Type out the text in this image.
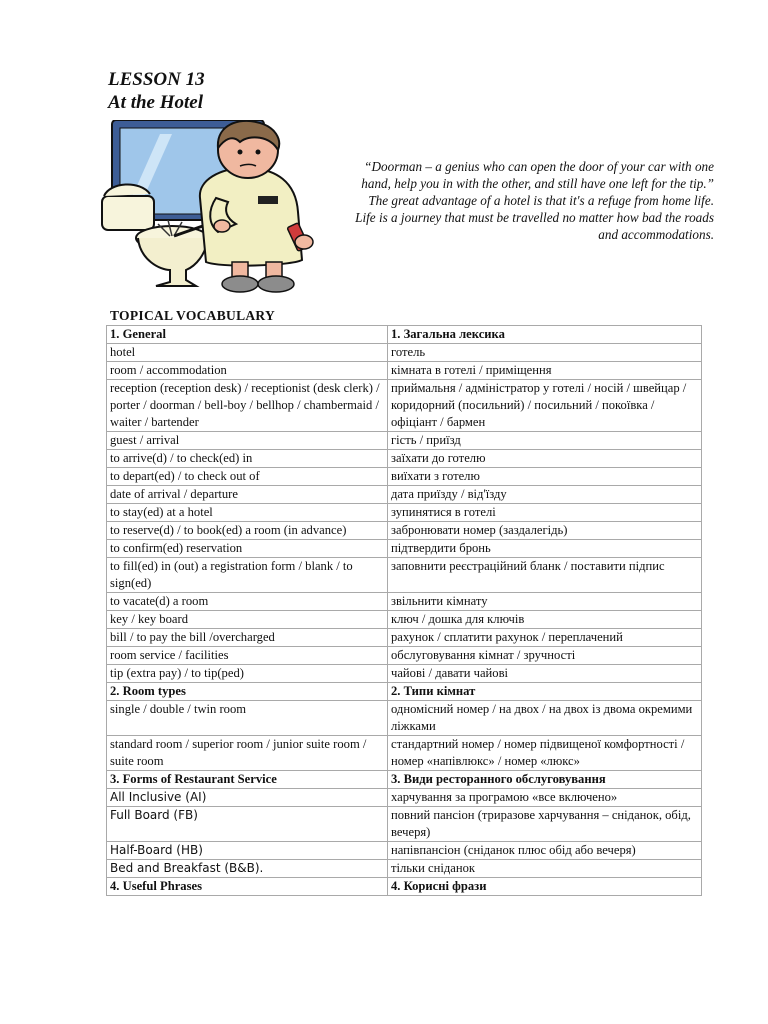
LESSON 13
At the Hotel

“Doorman – a genius who can open the door of your car with one hand, help you in with the other, and still have one left for the tip.”

The great advantage of a hotel is that it's a refuge from home life.

Life is a journey that must be travelled no matter how bad the roads and accommodations.

TOPICAL VOCABULARY
1. General	1. Загальна лексика
hotel	готель
room / accommodation	кімната в готелі / приміщення
reception (reception desk) / receptionist (desk clerk) / porter / doorman / bell-boy / bellhop / chambermaid / waiter / bartender	приймальня / адміністратор у готелі / носій / швейцар / коридорний (посильний) / посильний / покоївка / офіціант / бармен
guest / arrival	гість / приїзд
to arrive(d) / to check(ed) in	заїхати до готелю
to depart(ed) / to check out of	виїхати з готелю
date of arrival / departure	дата приїзду / від'їзду
to stay(ed) at a hotel	зупинятися в готелі
to reserve(d) / to book(ed) a room (in advance)	забронювати номер (заздалегідь)
to confirm(ed) reservation	підтвердити бронь
to fill(ed) in (out) a registration form / blank / to sign(ed)	заповнити реєстраційний бланк / поставити підпис
to vacate(d) a room	звільнити кімнату
key / key board	ключ / дошка для ключів
bill / to pay the bill /overcharged	рахунок / сплатити рахунок / переплачений
room service / facilities	обслуговування кімнат / зручності
tip (extra pay) / to tip(ped)	чайові / давати чайові
2. Room types	2. Типи кімнат
single / double / twin room	одномісний номер / на двох / на двох із двома окремими ліжками
standard room / superior room / junior suite room / suite room	стандартний номер / номер підвищеної комфортності / номер «напівлюкс» / номер «люкс»
3. Forms of Restaurant Service	3. Види ресторанного обслуговування
All Inclusive (AI)	харчування за програмою «все включено»
Full Board (FB)	повний пансіон (триразове харчування – сніданок, обід, вечеря)
Half-Board (HB)	напівпансіон (сніданок плюс обід або вечеря)
Bed and Breakfast (B&B).	тільки сніданок
4. Useful Phrases	4. Корисні фрази
